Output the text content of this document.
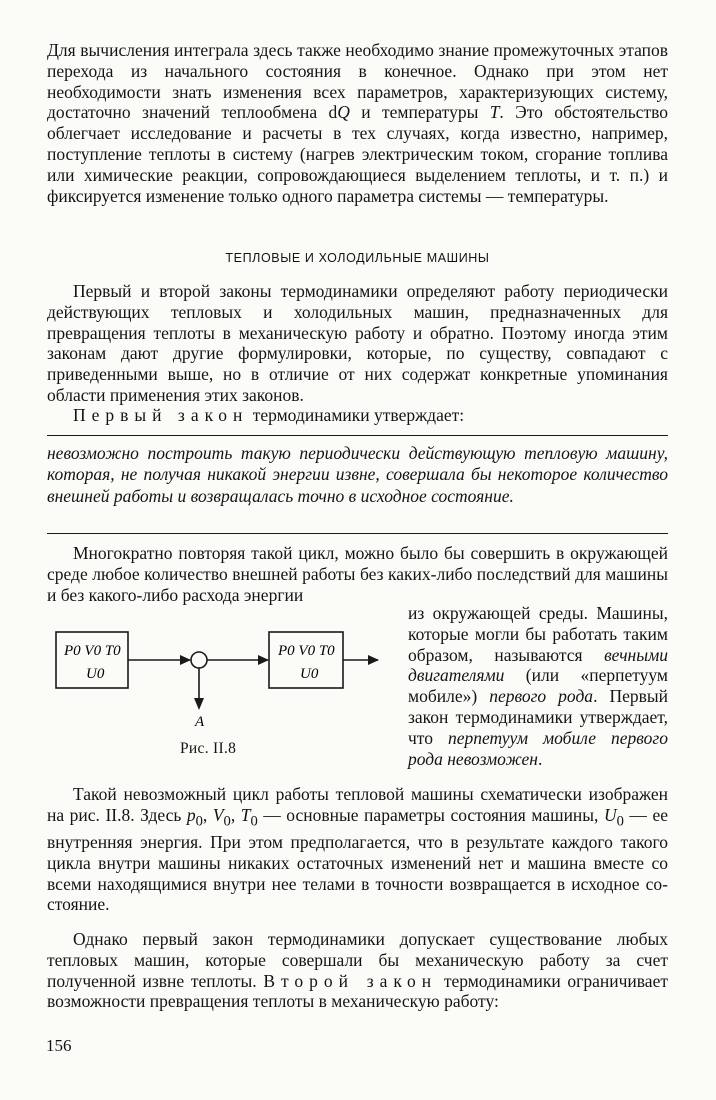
Для вычисления интеграла здесь также необходимо знание промежуточных этапов перехода из начального состояния в конечное. Однако при этом нет необходимости знать изменения всех параметров, характеризующих систему, достаточно значений теплообмена dQ и температуры T. Это обстоятельство облегчает исследование и расчеты в тех случаях, когда известно, например, поступление теплоты в систему (нагрев электрическим током, сгорание топлива или химические реакции, сопровождающиеся выделением теплоты, и т. п.) и фиксируется изменение только одного параметра системы — температуры.

ТЕПЛОВЫЕ И ХОЛОДИЛЬНЫЕ МАШИНЫ

Первый и второй законы термодинамики определяют работу периодически действующих тепловых и холодильных машин, предназначенных для превращения теплоты в механическую работу и обратно. Поэтому иногда этим законам дают другие формулировки, которые, по существу, совпадают с приведенными выше, но в отличие от них содержат конкретные упоминания области применения этих законов.

Первый закон термодинамики утверждает:

невозможно построить такую периодически действующую тепловую машину, которая, не получая никакой энергии извне, совершала бы некоторое количество внешней работы и возвращалась точно в исходное состояние.

Многократно повторяя такой цикл, можно было бы совершить в окружающей среде любое количество внешней работы без каких-либо последствий для машины и без какого-либо расхода энергии

из окружающей среды. Машины, которые могли бы работать таким образом, называются вечными двигателями (или «перпетуум мобиле») первого рода. Первый закон термодинамики утверждает, что перпетуум мобиле первого рода невозможен.

P0 V0 T0
U0
P0 V0 T0
U0
A
Рис. II.8

Такой невозможный цикл работы тепловой машины схематически изображен на рис. II.8. Здесь $p_0$, $V_0$, $T_0$ — основные параметры состояния машины, $U_0$ — ее внутренняя энергия. При этом предполагается, что в результате каждого такого цикла внутри машины никаких остаточных изменений нет и машина вместе со всеми находящимися внутри нее телами в точности возвращается в исходное состояние.

Однако первый закон термодинамики допускает существование любых тепловых машин, которые совершали бы механическую работу за счет полученной извне теплоты. Второй закон термодинамики ограничивает возможности превращения теплоты в механическую работу:

156
